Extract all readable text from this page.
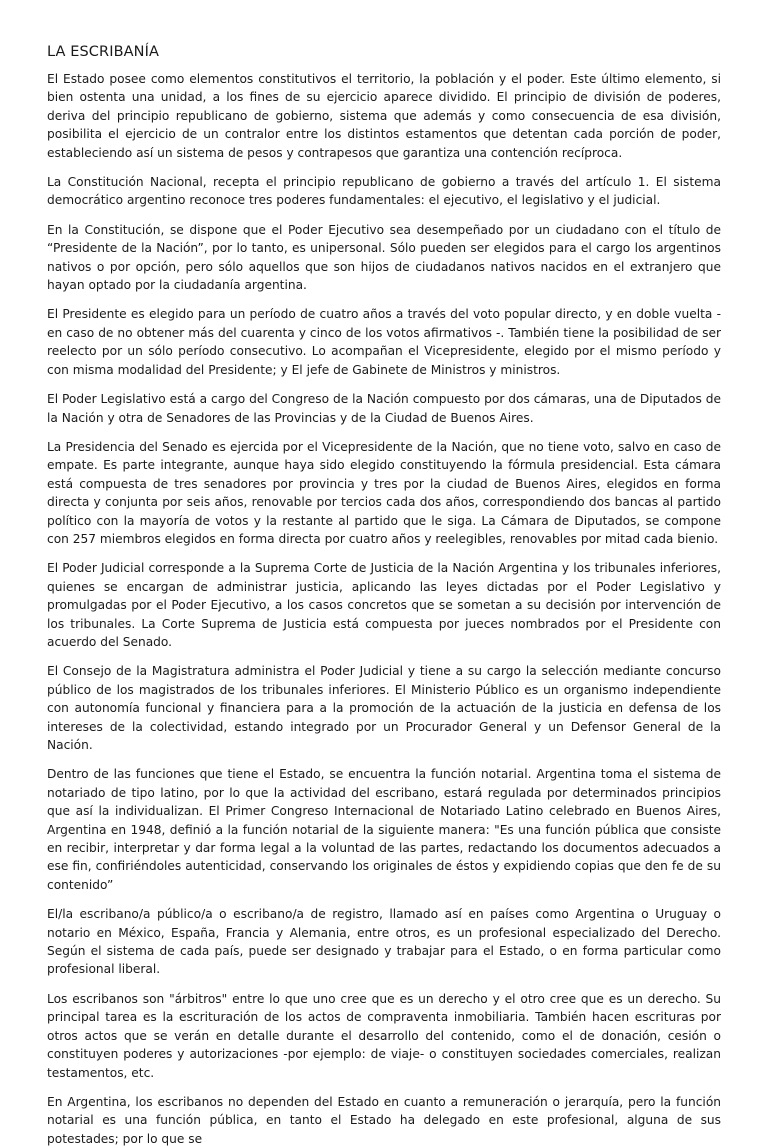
LA ESCRIBANÍA

El Estado posee como elementos constitutivos el territorio, la población y el poder. Este último elemento, si bien ostenta una unidad, a los fines de su ejercicio aparece dividido. El principio de división de poderes, deriva del principio republicano de gobierno, sistema que además y como consecuencia de esa división, posibilita el ejercicio de un contralor entre los distintos estamentos que detentan cada porción de poder, estableciendo así un sistema de pesos y contrapesos que garantiza una contención recíproca.

La Constitución Nacional, recepta el principio republicano de gobierno a través del artículo 1. El sistema democrático argentino reconoce tres poderes fundamentales: el ejecutivo, el legislativo y el judicial.

En la Constitución, se dispone que el Poder Ejecutivo sea desempeñado por un ciudadano con el título de “Presidente de la Nación”, por lo tanto, es unipersonal. Sólo pueden ser elegidos para el cargo los argentinos nativos o por opción, pero sólo aquellos que son hijos de ciudadanos nativos nacidos en el extranjero que hayan optado por la ciudadanía argentina.

El Presidente es elegido para un período de cuatro años a través del voto popular directo, y en doble vuelta - en caso de no obtener más del cuarenta y cinco de los votos afirmativos -. También tiene la posibilidad de ser reelecto por un sólo período consecutivo. Lo acompañan el Vicepresidente, elegido por el mismo período y con misma modalidad del Presidente; y El jefe de Gabinete de Ministros y ministros.

El Poder Legislativo está a cargo del Congreso de la Nación compuesto por dos cámaras, una de Diputados de la Nación y otra de Senadores de las Provincias y de la Ciudad de Buenos Aires.

La Presidencia del Senado es ejercida por el Vicepresidente de la Nación, que no tiene voto, salvo en caso de empate. Es parte integrante, aunque haya sido elegido constituyendo la fórmula presidencial. Esta cámara está compuesta de tres senadores por provincia y tres por la ciudad de Buenos Aires, elegidos en forma directa y conjunta por seis años, renovable por tercios cada dos años, correspondiendo dos bancas al partido político con la mayoría de votos y la restante al partido que le siga. La Cámara de Diputados, se compone con 257 miembros elegidos en forma directa por cuatro años y reelegibles, renovables por mitad cada bienio.

El Poder Judicial corresponde a la Suprema Corte de Justicia de la Nación Argentina y los tribunales inferiores, quienes se encargan de administrar justicia, aplicando las leyes dictadas por el Poder Legislativo y promulgadas por el Poder Ejecutivo, a los casos concretos que se sometan a su decisión por intervención de los tribunales. La Corte Suprema de Justicia está compuesta por jueces nombrados por el Presidente con acuerdo del Senado.

El Consejo de la Magistratura administra el Poder Judicial y tiene a su cargo la selección mediante concurso público de los magistrados de los tribunales inferiores. El Ministerio Público es un organismo independiente con autonomía funcional y financiera para a la promoción de la actuación de la justicia en defensa de los intereses de la colectividad, estando integrado por un Procurador General y un Defensor General de la Nación.

Dentro de las funciones que tiene el Estado, se encuentra la función notarial. Argentina toma el sistema de notariado de tipo latino, por lo que la actividad del escribano, estará regulada por determinados principios que así la individualizan. El Primer Congreso Internacional de Notariado Latino celebrado en Buenos Aires, Argentina en 1948, definió a la función notarial de la siguiente manera: "Es una función pública que consiste en recibir, interpretar y dar forma legal a la voluntad de las partes, redactando los documentos adecuados a ese fin, confiriéndoles autenticidad, conservando los originales de éstos y expidiendo copias que den fe de su contenido”

El/la escribano/a público/a o escribano/a de registro, llamado así en países como Argentina o Uruguay o notario en México, España, Francia y Alemania, entre otros, es un profesional especializado del Derecho. Según el sistema de cada país, puede ser designado y trabajar para el Estado, o en forma particular como profesional liberal.

Los escribanos son "árbitros" entre lo que uno cree que es un derecho y el otro cree que es un derecho. Su principal tarea es la escrituración de los actos de compraventa inmobiliaria. También hacen escrituras por otros actos que se verán en detalle durante el desarrollo del contenido, como el de donación, cesión o constituyen poderes y autorizaciones -por ejemplo: de viaje- o constituyen sociedades comerciales, realizan testamentos, etc.

En Argentina, los escribanos no dependen del Estado en cuanto a remuneración o jerarquía, pero la función notarial es una función pública, en tanto el Estado ha delegado en este profesional, alguna de sus potestades; por lo que se
